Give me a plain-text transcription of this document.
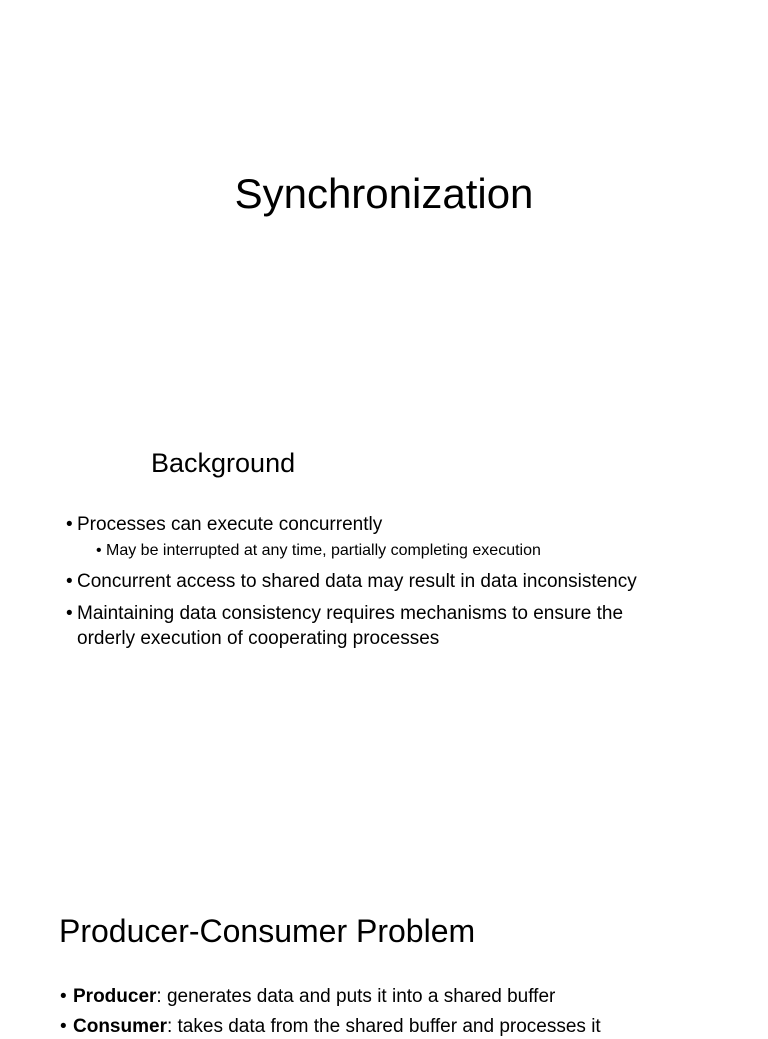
Synchronization
Background
• Processes can execute concurrently
• May be interrupted at any time, partially completing execution
• Concurrent access to shared data may result in data inconsistency
• Maintaining data consistency requires mechanisms to ensure the
orderly execution of cooperating processes
Producer-Consumer Problem
• Producer: generates data and puts it into a shared buffer
• Consumer: takes data from the shared buffer and processes it
